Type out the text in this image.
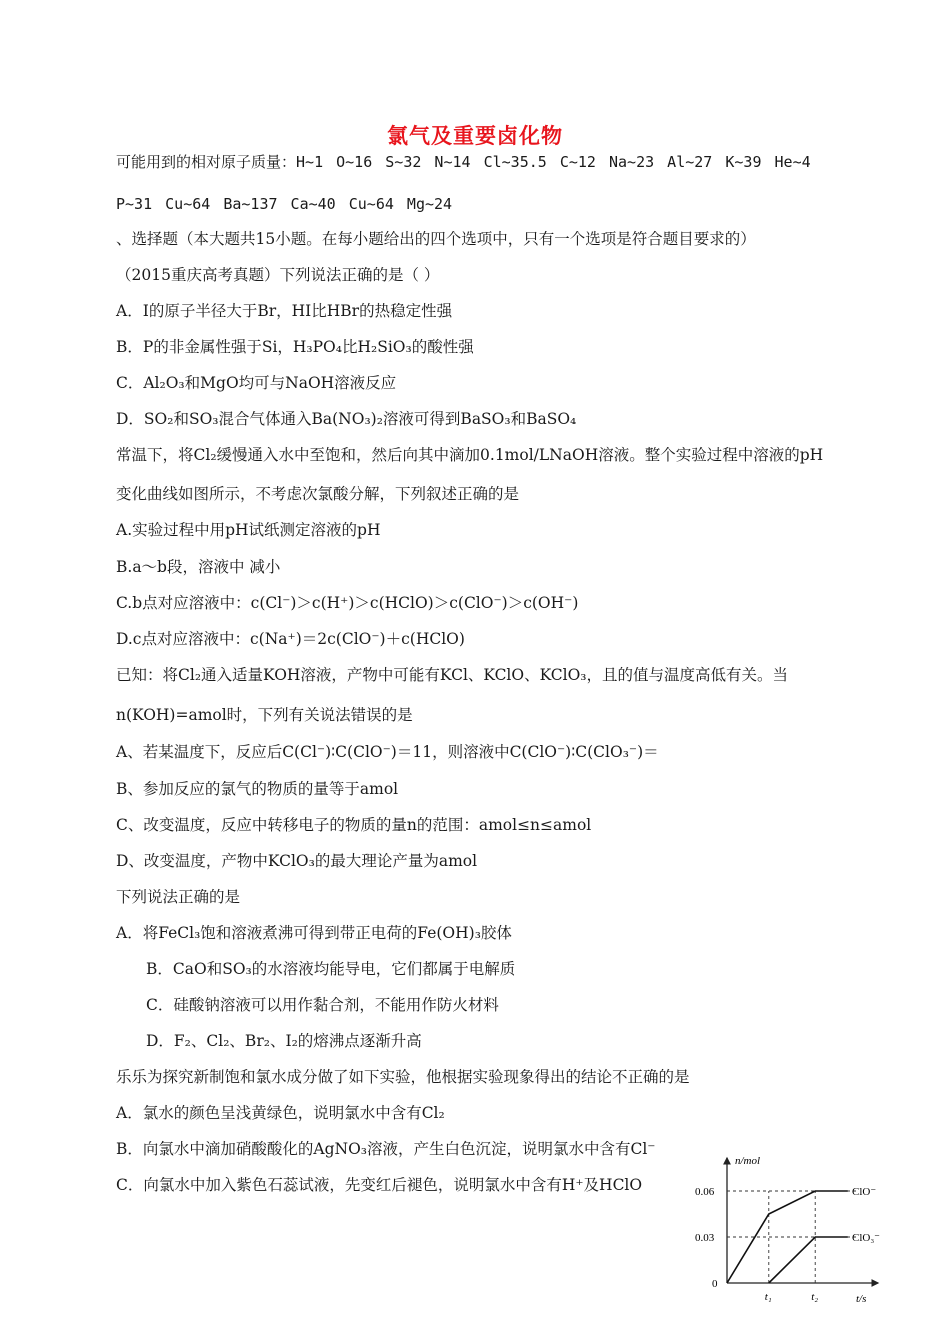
氯气及重要卤化物
可能用到的相对原子质量：H~1 O~16 S~32 N~14 Cl~35.5 C~12 Na~23 Al~27 K~39 He~4
P~31 Cu~64 Ba~137 Ca~40 Cu~64 Mg~24
、选择题（本大题共15小题。在每小题给出的四个选项中，只有一个选项是符合题目要求的）
（2015重庆高考真题）下列说法正确的是（ ）
A．I的原子半径大于Br，HI比HBr的热稳定性强
B．P的非金属性强于Si，H₃PO₄比H₂SiO₃的酸性强
C．Al₂O₃和MgO均可与NaOH溶液反应
D．SO₂和SO₃混合气体通入Ba(NO₃)₂溶液可得到BaSO₃和BaSO₄
常温下，将Cl₂缓慢通入水中至饱和，然后向其中滴加0.1mol/LNaOH溶液。整个实验过程中溶液的pH
变化曲线如图所示，不考虑次氯酸分解，下列叙述正确的是
A.实验过程中用pH试纸测定溶液的pH
B.a～b段，溶液中 减小
C.b点对应溶液中：c(Cl⁻)＞c(H⁺)＞c(HClO)＞c(ClO⁻)＞c(OH⁻)
D.c点对应溶液中：c(Na⁺)＝2c(ClO⁻)＋c(HClO)
已知：将Cl₂通入适量KOH溶液，产物中可能有KCl、KClO、KClO₃，且的值与温度高低有关。当
n(KOH)=amol时，下列有关说法错误的是
A、若某温度下，反应后C(Cl⁻)∶C(ClO⁻)＝11，则溶液中C(ClO⁻)∶C(ClO₃⁻)＝
B、参加反应的氯气的物质的量等于amol
C、改变温度，反应中转移电子的物质的量n的范围：amol≤n≤amol
D、改变温度，产物中KClO₃的最大理论产量为amol
下列说法正确的是
A．将FeCl₃饱和溶液煮沸可得到带正电荷的Fe(OH)₃胶体
B．CaO和SO₃的水溶液均能导电，它们都属于电解质
C．硅酸钠溶液可以用作黏合剂，不能用作防火材料
D．F₂、Cl₂、Br₂、I₂的熔沸点逐渐升高
乐乐为探究新制饱和氯水成分做了如下实验，他根据实验现象得出的结论不正确的是
A．氯水的颜色呈浅黄绿色，说明氯水中含有Cl₂
B．向氯水中滴加硝酸酸化的AgNO₃溶液，产生白色沉淀，说明氯水中含有Cl⁻
C．向氯水中加入紫色石蕊试液，先变红后褪色，说明氯水中含有H⁺及HClO
n/mol
t/s
0
0.03
0.06
t₁	t₂
ClO⁻
ClO₃⁻
